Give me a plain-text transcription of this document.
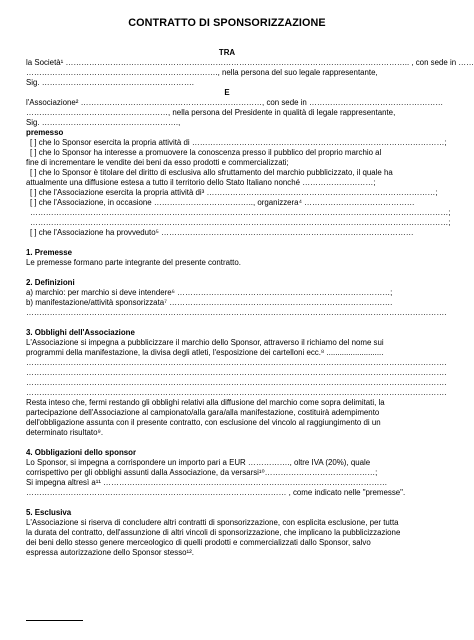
CONTRATTO DI SPONSORIZZAZIONE
TRA
la Società¹ ………………………………………………………………………………………………………………….. , con sede in ……
………………………………………………………………., nella persona del suo legale rappresentante,
Sig. ………………………………………………….
E
l'Associazione² ……………………………………………………………, con sede in ……………………………………………
………………………………………………, nella persona del Presidente in qualità di legale rappresentante,
Sig. …………………………………………….,
premesso
[ ] che lo Sponsor esercita la propria attività di ……………………………………………………………………………………;
[ ] che lo Sponsor ha interesse a promuovere la conoscenza presso il pubblico del proprio marchio al
fine di incrementare le vendite dei beni da esso prodotti e commercializzati;
[ ] che lo Sponsor è titolare del diritto di esclusiva allo sfruttamento del marchio pubblicizzato, il quale ha
attualmente una diffusione estesa a tutto il territorio dello Stato Italiano nonché ………………………;
[ ] che l'Associazione esercita la propria attività di³ ……………………………………………………………………………;
[ ] che l'Associazione, in occasione ……………………………….., organizzera⁴ ……………………………………
……………………………………………………………………………………………………………………………………………;
……………………………………………………………………………………………………………………………………………;
[ ] che l'Associazione ha provveduto⁵ ……………………………………………………………………………………
1. Premesse
Le premesse formano parte integrante del presente contratto.
2. Definizioni
a) marchio: per marchio si deve intendere⁶ ………………………………………………………………………;
b) manifestazione/attività sponsorizzata⁷ ………………………………………………………………………….
…………………………………………………………………………………………………………………………………………….
3. Obblighi dell'Associazione
L'Associazione si impegna a pubblicizzare il marchio dello Sponsor, attraverso il richiamo del nome sui
programmi della manifestazione, la divisa degli atleti, l'esposizione dei cartelloni ecc.⁸ ..........................
…………………………………………………………………………………………………………………………………………….
…………………………………………………………………………………………………………………………………………….
…………………………………………………………………………………………………………………………………………….
…………………………………………………………………………………………………………………………………………….
Resta inteso che, fermi restando gli obblighi relativi alla diffusione del marchio come sopra delimitati, la
partecipazione dell'Associazione al campionato/alla gara/alla manifestazione, costituirà adempimento
dell'obbligazione assunta con il presente contratto, con esclusione del vincolo al raggiungimento di un
determinato risultato⁹.
4. Obbligazioni dello sponsor
Lo Sponsor, si impegna a corrispondere un importo pari a EUR ……………., oltre IVA (20%), quale
corrispettivo per gli obblighi assunti dalla Associazione, da versarsi¹⁰……………………………………;
Si impegna altresì a¹¹ ………………………………………………………………………………………………
……………………………………………………………………………………… , come indicato nelle "premesse".
5. Esclusiva
L'Associazione si riserva di concludere altri contratti di sponsorizzazione, con esplicita esclusione, per tutta
la durata del contratto, dell'assunzione di altri vincoli di sponsorizzazione, che implicano la pubblicizzazione
dei beni dello stesso genere merceologico di quelli prodotti e commercializzati dallo Sponsor, salvo
espressa autorizzazione dello Sponsor stesso¹².
